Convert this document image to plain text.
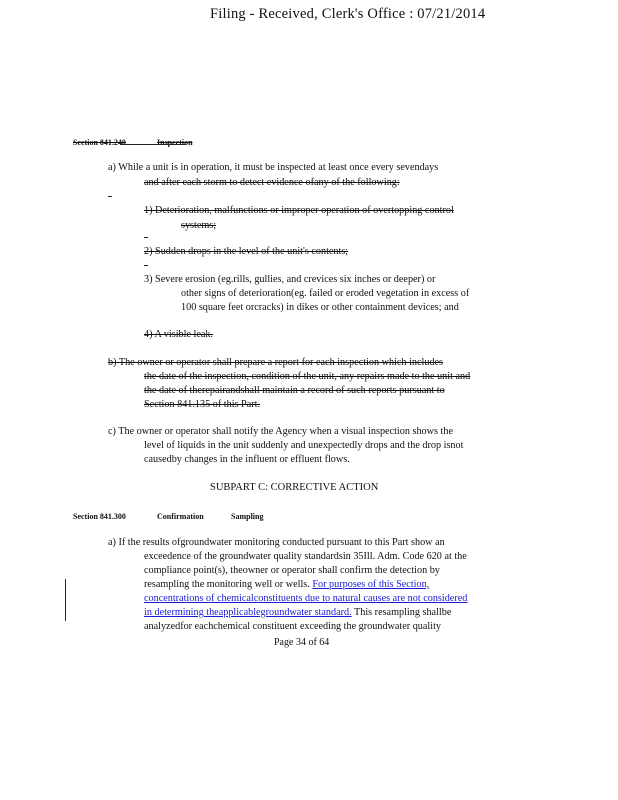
Filing - Received, Clerk's Office : 07/21/2014
Section 841.240	Inspection
a) While a unit is in operation, it must be inspected at least once every sevendays
and after each storm to detect evidence ofany of the following:
1) Deterioration, malfunctions or improper operation of overtopping control
systems;
2) Sudden drops in the level of the unit's contents;
3) Severe erosion (eg.rills, gullies, and crevices six inches or deeper) or
other signs of deterioration(eg. failed or eroded vegetation in excess of
100 square feet orcracks) in dikes or other containment devices; and
4) A visible leak.
b) The owner or operator shall prepare a report for each inspection which includes
the date of the inspection, condition of the unit, any repairs made to the unit and
the date of therepairandshall maintain a record of such reports pursuant to
Section 841.135 of this Part.
c) The owner or operator shall notify the Agency when a visual inspection shows the
level of liquids in the unit suddenly and unexpectedly drops and the drop isnot
causedby changes in the influent or effluent flows.
SUBPART C: CORRECTIVE ACTION
Section 841.300	Confirmation	Sampling
a) If the results ofgroundwater monitoring conducted pursuant to this Part show an
exceedence of the groundwater quality standardsin 35Ill. Adm. Code 620 at the
compliance point(s), theowner or operator shall confirm the detection by
resampling the monitoring well or wells. For purposes of this Section,
concentrations of chemicalconstituents due to natural causes are not considered
in determining theapplicablegroundwater standard. This resampling shallbe
analyzedfor eachchemical constituent exceeding the groundwater quality
Page 34 of 64
